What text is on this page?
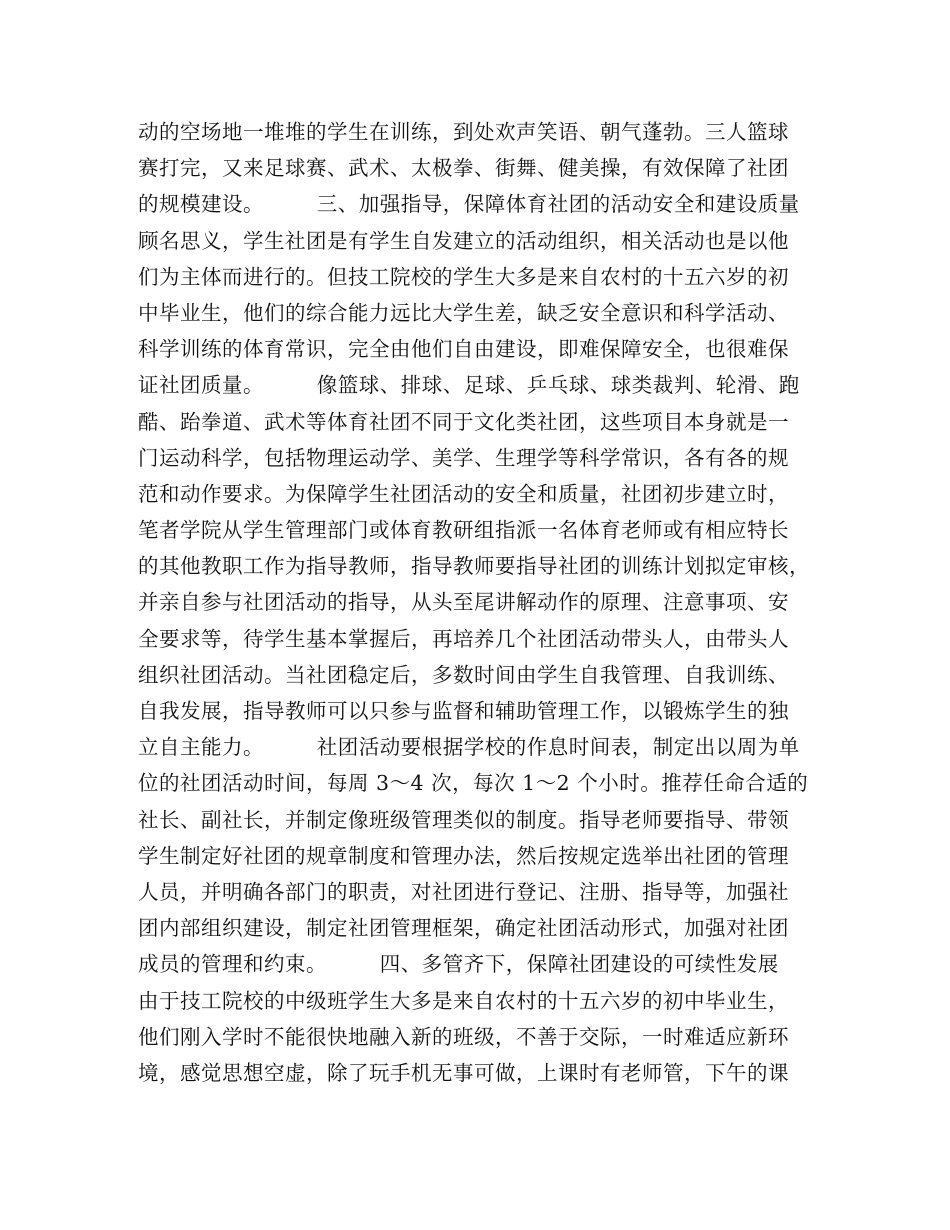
动的空场地一堆堆的学生在训练，到处欢声笑语、朝气蓬勃。三人篮球
赛打完，又来足球赛、武术、太极拳、街舞、健美操，有效保障了社团
的规模建设。　　　三、加强指导，保障体育社团的活动安全和建设质量
顾名思义，学生社团是有学生自发建立的活动组织，相关活动也是以他
们为主体而进行的。但技工院校的学生大多是来自农村的十五六岁的初
中毕业生，他们的综合能力远比大学生差，缺乏安全意识和科学活动、
科学训练的体育常识，完全由他们自由建设，即难保障安全，也很难保
证社团质量。　　　像篮球、排球、足球、乒乓球、球类裁判、轮滑、跑
酷、跆拳道、武术等体育社团不同于文化类社团，这些项目本身就是一
门运动科学，包括物理运动学、美学、生理学等科学常识，各有各的规
范和动作要求。为保障学生社团活动的安全和质量，社团初步建立时，
笔者学院从学生管理部门或体育教研组指派一名体育老师或有相应特长
的其他教职工作为指导教师，指导教师要指导社团的训练计划拟定审核，
并亲自参与社团活动的指导，从头至尾讲解动作的原理、注意事项、安
全要求等，待学生基本掌握后，再培养几个社团活动带头人，由带头人
组织社团活动。当社团稳定后，多数时间由学生自我管理、自我训练、
自我发展，指导教师可以只参与监督和辅助管理工作，以锻炼学生的独
立自主能力。　　　社团活动要根据学校的作息时间表，制定出以周为单
位的社团活动时间，每周 3～4 次，每次 1～2 个小时。推荐任命合适的
社长、副社长，并制定像班级管理类似的制度。指导老师要指导、带领
学生制定好社团的规章制度和管理办法，然后按规定选举出社团的管理
人员，并明确各部门的职责，对社团进行登记、注册、指导等，加强社
团内部组织建设，制定社团管理框架，确定社团活动形式，加强对社团
成员的管理和约束。　　　四、多管齐下，保障社团建设的可续性发展
由于技工院校的中级班学生大多是来自农村的十五六岁的初中毕业生，
他们刚入学时不能很快地融入新的班级，不善于交际，一时难适应新环
境，感觉思想空虚，除了玩手机无事可做，上课时有老师管，下午的课
